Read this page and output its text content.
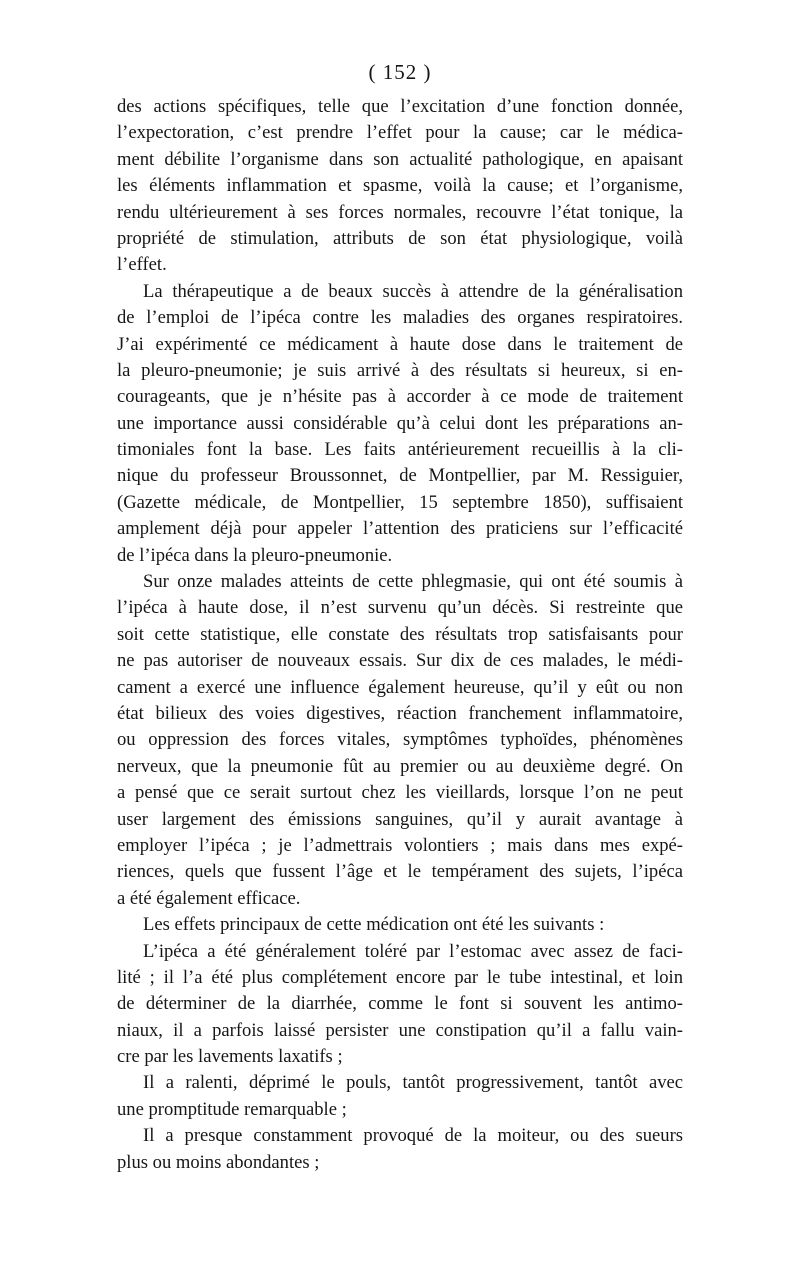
( 152 )
des actions spécifiques, telle que l’excitation d’une fonction donnée,
l’expectoration, c’est prendre l’effet pour la cause; car le médica-
ment débilite l’organisme dans son actualité pathologique, en apaisant
les éléments inflammation et spasme, voilà la cause; et l’organisme,
rendu ultérieurement à ses forces normales, recouvre l’état tonique, la
propriété de stimulation, attributs de son état physiologique, voilà
l’effet.
La thérapeutique a de beaux succès à attendre de la généralisation
de l’emploi de l’ipéca contre les maladies des organes respiratoires.
J’ai expérimenté ce médicament à haute dose dans le traitement de
la pleuro-pneumonie; je suis arrivé à des résultats si heureux, si en-
courageants, que je n’hésite pas à accorder à ce mode de traitement
une importance aussi considérable qu’à celui dont les préparations an-
timoniales font la base. Les faits antérieurement recueillis à la cli-
nique du professeur Broussonnet, de Montpellier, par M. Ressiguier,
(Gazette médicale, de Montpellier, 15 septembre 1850), suffisaient
amplement déjà pour appeler l’attention des praticiens sur l’efficacité
de l’ipéca dans la pleuro-pneumonie.
Sur onze malades atteints de cette phlegmasie, qui ont été soumis à
l’ipéca à haute dose, il n’est survenu qu’un décès. Si restreinte que
soit cette statistique, elle constate des résultats trop satisfaisants pour
ne pas autoriser de nouveaux essais. Sur dix de ces malades, le médi-
cament a exercé une influence également heureuse, qu’il y eût ou non
état bilieux des voies digestives, réaction franchement inflammatoire,
ou oppression des forces vitales, symptômes typhoïdes, phénomènes
nerveux, que la pneumonie fût au premier ou au deuxième degré. On
a pensé que ce serait surtout chez les vieillards, lorsque l’on ne peut
user largement des émissions sanguines, qu’il y aurait avantage à
employer l’ipéca ; je l’admettrais volontiers ; mais dans mes expé-
riences, quels que fussent l’âge et le tempérament des sujets, l’ipéca
a été également efficace.
Les effets principaux de cette médication ont été les suivants :
L’ipéca a été généralement toléré par l’estomac avec assez de faci-
lité ; il l’a été plus complétement encore par le tube intestinal, et loin
de déterminer de la diarrhée, comme le font si souvent les antimo-
niaux, il a parfois laissé persister une constipation qu’il a fallu vain-
cre par les lavements laxatifs ;
Il a ralenti, déprimé le pouls, tantôt progressivement, tantôt avec
une promptitude remarquable ;
Il a presque constamment provoqué de la moiteur, ou des sueurs
plus ou moins abondantes ;
